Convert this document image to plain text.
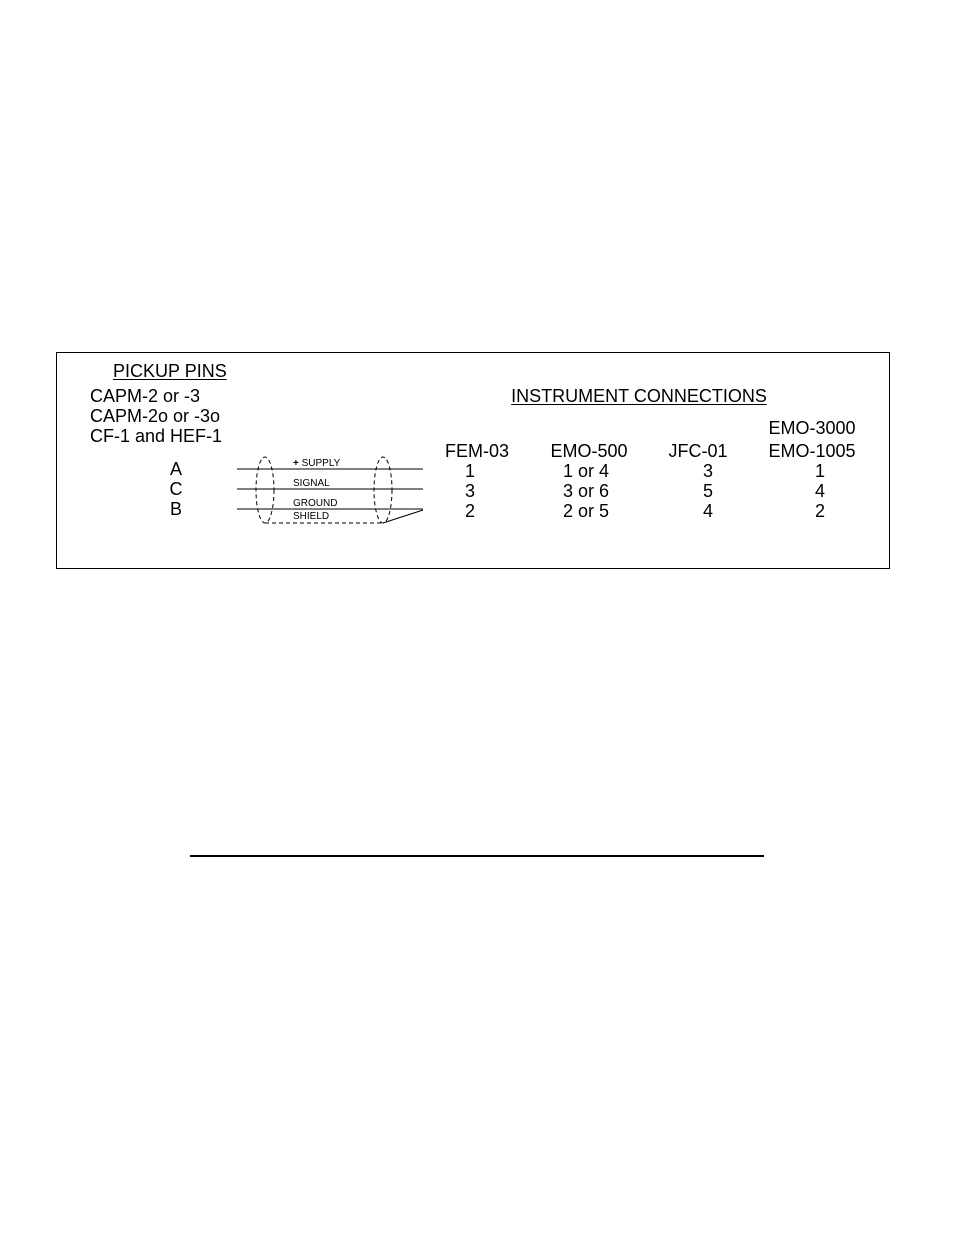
PICKUP PINS
CAPM-2 or -3
CAPM-2o or -3o
CF-1 and HEF-1
A
C
B
+ SUPPLY
SIGNAL
GROUND
SHIELD
INSTRUMENT CONNECTIONS
FEM-03
1
3
2
EMO-500
1 or 4
3 or 6
2 or 5
JFC-01
3
5
4
EMO-3000
EMO-1005
1
4
2
